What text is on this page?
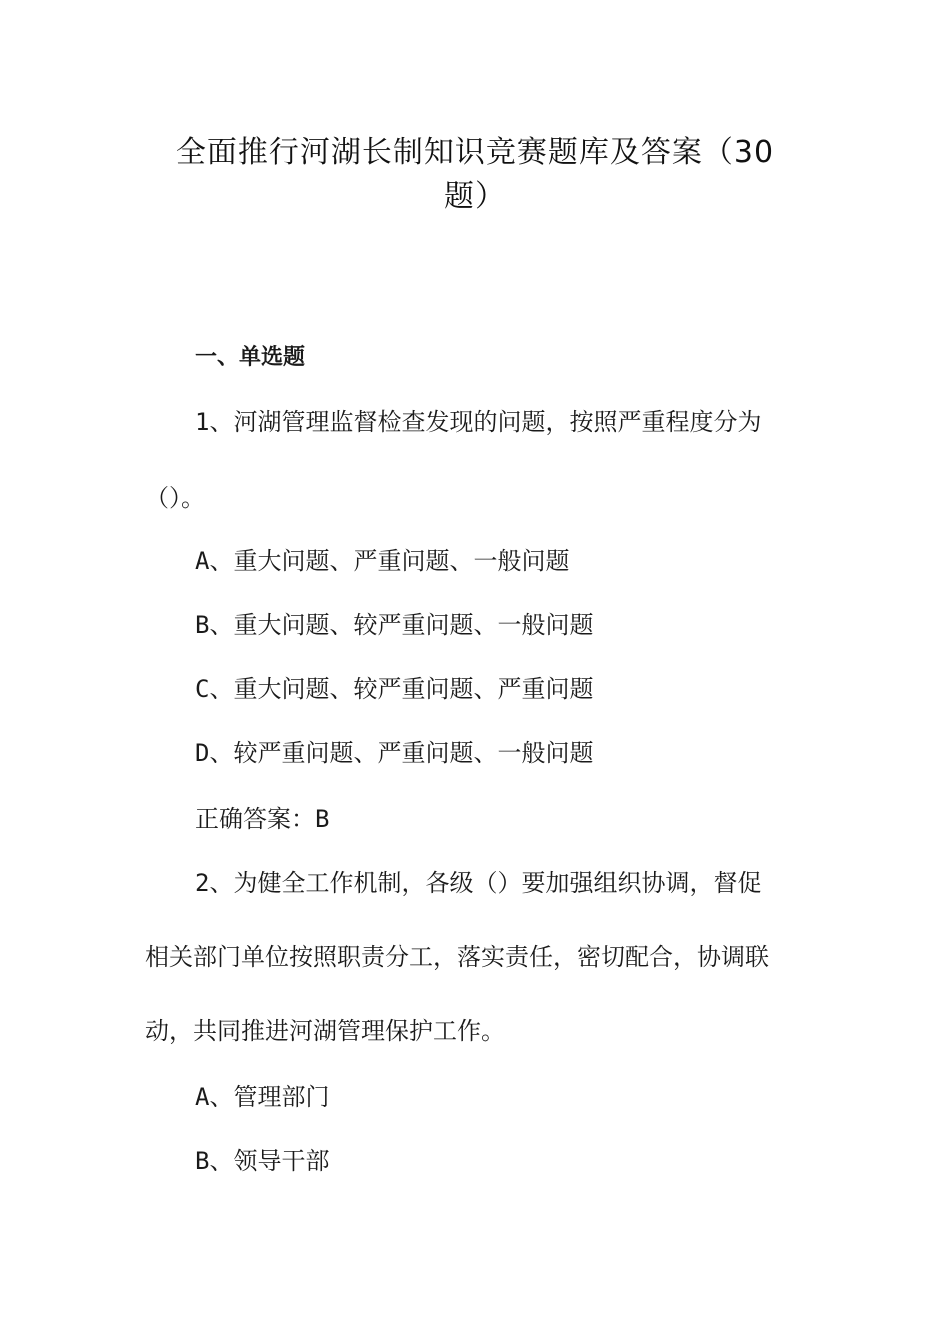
全面推行河湖长制知识竞赛题库及答案（30
题）
一、单选题
1、河湖管理监督检查发现的问题，按照严重程度分为
（）。
A、重大问题、严重问题、一般问题
B、重大问题、较严重问题、一般问题
C、重大问题、较严重问题、严重问题
D、较严重问题、严重问题、一般问题
正确答案：B
2、为健全工作机制，各级（）要加强组织协调，督促
相关部门单位按照职责分工，落实责任，密切配合，协调联
动，共同推进河湖管理保护工作。
A、管理部门
B、领导干部
